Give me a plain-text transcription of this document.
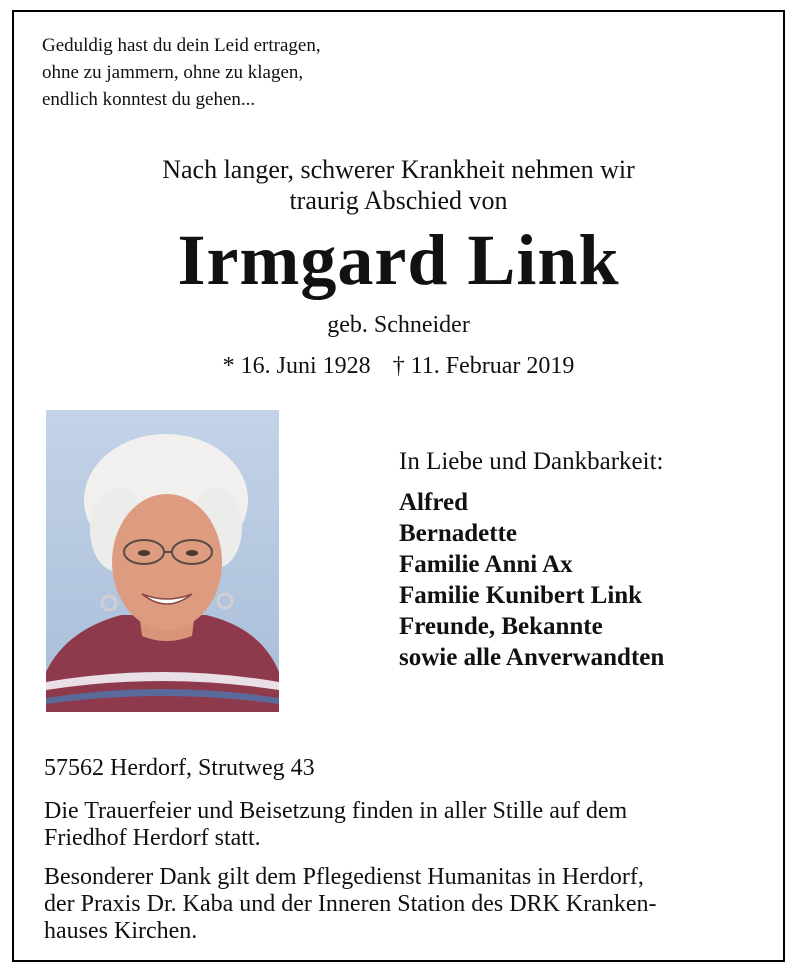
Geduldig hast du dein Leid ertragen,
ohne zu jammern, ohne zu klagen,
endlich konntest du gehen...
Nach langer, schwerer Krankheit nehmen wir
traurig Abschied von
Irmgard Link
geb. Schneider
* 16. Juni 1928 † 11. Februar 2019
In Liebe und Dankbarkeit:
Alfred
Bernadette
Familie Anni Ax
Familie Kunibert Link
Freunde, Bekannte
sowie alle Anverwandten
57562 Herdorf, Strutweg 43
Die Trauerfeier und Beisetzung finden in aller Stille auf dem
Friedhof Herdorf statt.
Besonderer Dank gilt dem Pflegedienst Humanitas in Herdorf,
der Praxis Dr. Kaba und der Inneren Station des DRK Kranken-
hauses Kirchen.
